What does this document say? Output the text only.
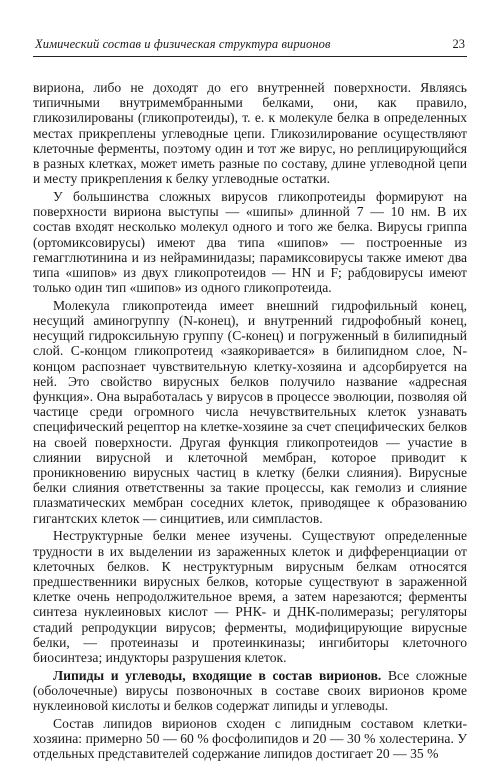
Химический состав и физическая структура вирионов	23

вириона, либо не доходят до его внутренней поверхности. Являясь типичными внутримембранными белками, они, как правило, гликозилированы (гликопротеиды), т. е. к молекуле белка в определенных местах прикреплены углеводные цепи. Гликозилирование осуществляют клеточные ферменты, поэтому один и тот же вирус, но реплицирующийся в разных клетках, может иметь разные по составу, длине углеводной цепи и месту прикрепления к белку углеводные остатки.

У большинства сложных вирусов гликопротеиды формируют на поверхности вириона выступы — «шипы» длинной 7 — 10 нм. В их состав входят несколько молекул одного и того же белка. Вирусы гриппа (ортомиксовирусы) имеют два типа «шипов» — построенные из гемагглютинина и из нейраминидазы; парамиксовирусы также имеют два типа «шипов» из двух гликопротеидов — HN и F; рабдовирусы имеют только один тип «шипов» из одного гликопротеида.

Молекула гликопротеида имеет внешний гидрофильный конец, несущий аминогруппу (N-конец), и внутренний гидрофобный конец, несущий гидроксильную группу (С-конец) и погруженный в билипидный слой. С-концом гликопротеид «заякоривается» в билипидном слое, N-концом распознает чувствительную клетку-хозяина и адсорбируется на ней. Это свойство вирусных белков получило название «адресная функция». Она выработалась у вирусов в процессе эволюции, позволяя ой частице среди огромного числа нечувствительных клеток узнавать специфический рецептор на клетке-хозяине за счет специфических белков на своей поверхности. Другая функция гликопротеидов — участие в слиянии вирусной и клеточной мембран, которое приводит к проникновению вирусных частиц в клетку (белки слияния). Вирусные белки слияния ответственны за такие процессы, как гемолиз и слияние плазматических мембран соседних клеток, приводящее к образованию гигантских клеток — синцитиев, или симпластов.

Неструктурные белки менее изучены. Существуют определенные трудности в их выделении из зараженных клеток и дифференциации от клеточных белков. К неструктурным вирусным белкам относятся предшественники вирусных белков, которые существуют в зараженной клетке очень непродолжительное время, а затем нарезаются; ферменты синтеза нуклеиновых кислот — РНК- и ДНК-полимеразы; регуляторы стадий репродукции вирусов; ферменты, модифицирующие вирусные белки, — протеиназы и протеинкиназы; ингибиторы клеточного биосинтеза; индукторы разрушения клеток.

Липиды и углеводы, входящие в состав вирионов. Все сложные (оболочечные) вирусы позвоночных в составе своих вирионов кроме нуклеиновой кислоты и белков содержат липиды и углеводы.

Состав липидов вирионов сходен с липидным составом клетки-хозяина: примерно 50 — 60 % фосфолипидов и 20 — 30 % холестерина. У отдельных представителей содержание липидов достигает 20 — 35 %
